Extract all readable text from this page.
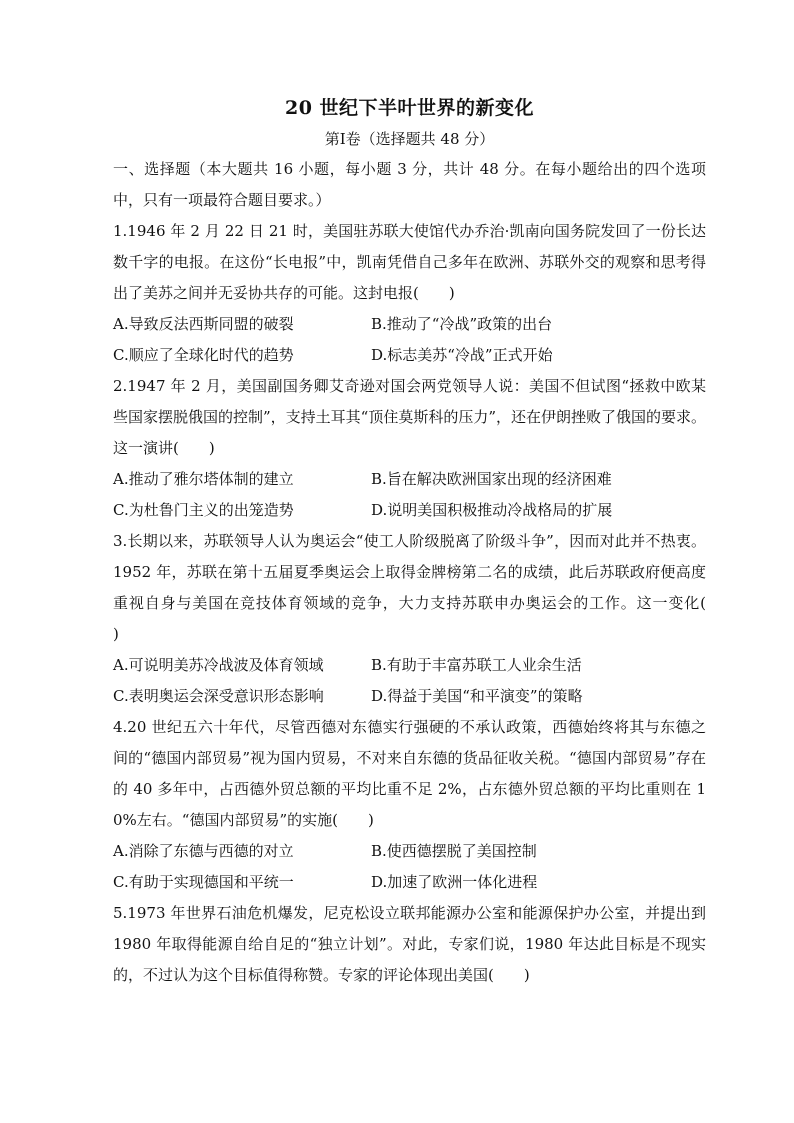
20 世纪下半叶世界的新变化
第Ⅰ卷（选择题共 48 分）

一、选择题（本大题共 16 小题，每小题 3 分，共计 48 分。在每小题给出的四个选项中，只有一项最符合题目要求。）

1.1946 年 2 月 22 日 21 时，美国驻苏联大使馆代办乔治·凯南向国务院发回了一份长达数千字的电报。在这份“长电报”中，凯南凭借自己多年在欧洲、苏联外交的观察和思考得出了美苏之间并无妥协共存的可能。这封电报(　　)

A.导致反法西斯同盟的破裂	B.推动了“冷战”政策的出台
C.顺应了全球化时代的趋势	D.标志美苏“冷战”正式开始

2.1947 年 2 月，美国副国务卿艾奇逊对国会两党领导人说：美国不但试图“拯救中欧某些国家摆脱俄国的控制”，支持土耳其“顶住莫斯科的压力”，还在伊朗挫败了俄国的要求。这一演讲(　　)

A.推动了雅尔塔体制的建立	B.旨在解决欧洲国家出现的经济困难
C.为杜鲁门主义的出笼造势	D.说明美国积极推动冷战格局的扩展

3.长期以来，苏联领导人认为奥运会“使工人阶级脱离了阶级斗争”，因而对此并不热衷。1952 年，苏联在第十五届夏季奥运会上取得金牌榜第二名的成绩，此后苏联政府便高度重视自身与美国在竞技体育领域的竞争，大力支持苏联申办奥运会的工作。这一变化(　　)

A.可说明美苏冷战波及体育领域	B.有助于丰富苏联工人业余生活
C.表明奥运会深受意识形态影响	D.得益于美国“和平演变”的策略

4.20 世纪五六十年代，尽管西德对东德实行强硬的不承认政策，西德始终将其与东德之间的“德国内部贸易”视为国内贸易，不对来自东德的货品征收关税。“德国内部贸易”存在的 40 多年中，占西德外贸总额的平均比重不足 2%，占东德外贸总额的平均比重则在 10%左右。“德国内部贸易”的实施(　　)

A.消除了东德与西德的对立	B.使西德摆脱了美国控制
C.有助于实现德国和平统一	D.加速了欧洲一体化进程

5.1973 年世界石油危机爆发，尼克松设立联邦能源办公室和能源保护办公室，并提出到 1980 年取得能源自给自足的“独立计划”。对此，专家们说，1980 年达此目标是不现实的，不过认为这个目标值得称赞。专家的评论体现出美国(　　)
